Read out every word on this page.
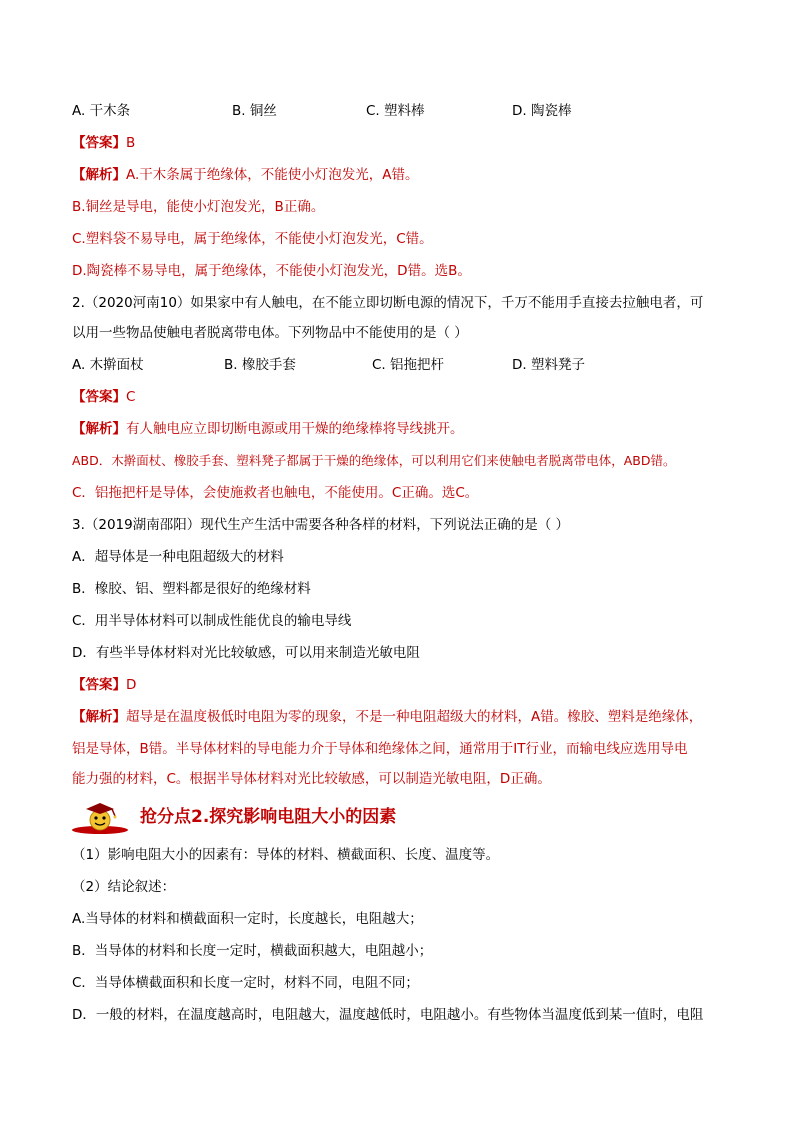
A. 干木条	B. 铜丝	C. 塑料棒	D. 陶瓷棒
【答案】B
【解析】A.干木条属于绝缘体，不能使小灯泡发光，A错。
B.铜丝是导电，能使小灯泡发光，B正确。
C.塑料袋不易导电，属于绝缘体，不能使小灯泡发光，C错。
D.陶瓷棒不易导电，属于绝缘体，不能使小灯泡发光，D错。选B。
2.（2020河南10）如果家中有人触电，在不能立即切断电源的情况下，千万不能用手直接去拉触电者，可
以用一些物品使触电者脱离带电体。下列物品中不能使用的是（ ）
A. 木擀面杖	B. 橡胶手套	C. 铝拖把杆	D. 塑料凳子
【答案】C
【解析】有人触电应立即切断电源或用干燥的绝缘棒将导线挑开。
ABD．木擀面杖、橡胶手套、塑料凳子都属于干燥的绝缘体，可以利用它们来使触电者脱离带电体，ABD错。
C．铝拖把杆是导体，会使施救者也触电，不能使用。C正确。选C。
3.（2019湖南邵阳）现代生产生活中需要各种各样的材料，下列说法正确的是（ ）
A．超导体是一种电阻超级大的材料
B．橡胶、铝、塑料都是很好的绝缘材料
C．用半导体材料可以制成性能优良的输电导线
D．有些半导体材料对光比较敏感，可以用来制造光敏电阻
【答案】D
【解析】超导是在温度极低时电阻为零的现象，不是一种电阻超级大的材料，A错。橡胶、塑料是绝缘体，
铝是导体，B错。半导体材料的导电能力介于导体和绝缘体之间，通常用于IT行业，而输电线应选用导电
能力强的材料，C。根据半导体材料对光比较敏感，可以制造光敏电阻，D正确。
抢分点2.探究影响电阻大小的因素
（1）影响电阻大小的因素有：导体的材料、横截面积、长度、温度等。
（2）结论叙述：
A.当导体的材料和横截面积一定时，长度越长，电阻越大；
B．当导体的材料和长度一定时，横截面积越大，电阻越小；
C．当导体横截面积和长度一定时，材料不同，电阻不同；
D．一般的材料，在温度越高时，电阻越大，温度越低时，电阻越小。有些物体当温度低到某一值时，电阻
